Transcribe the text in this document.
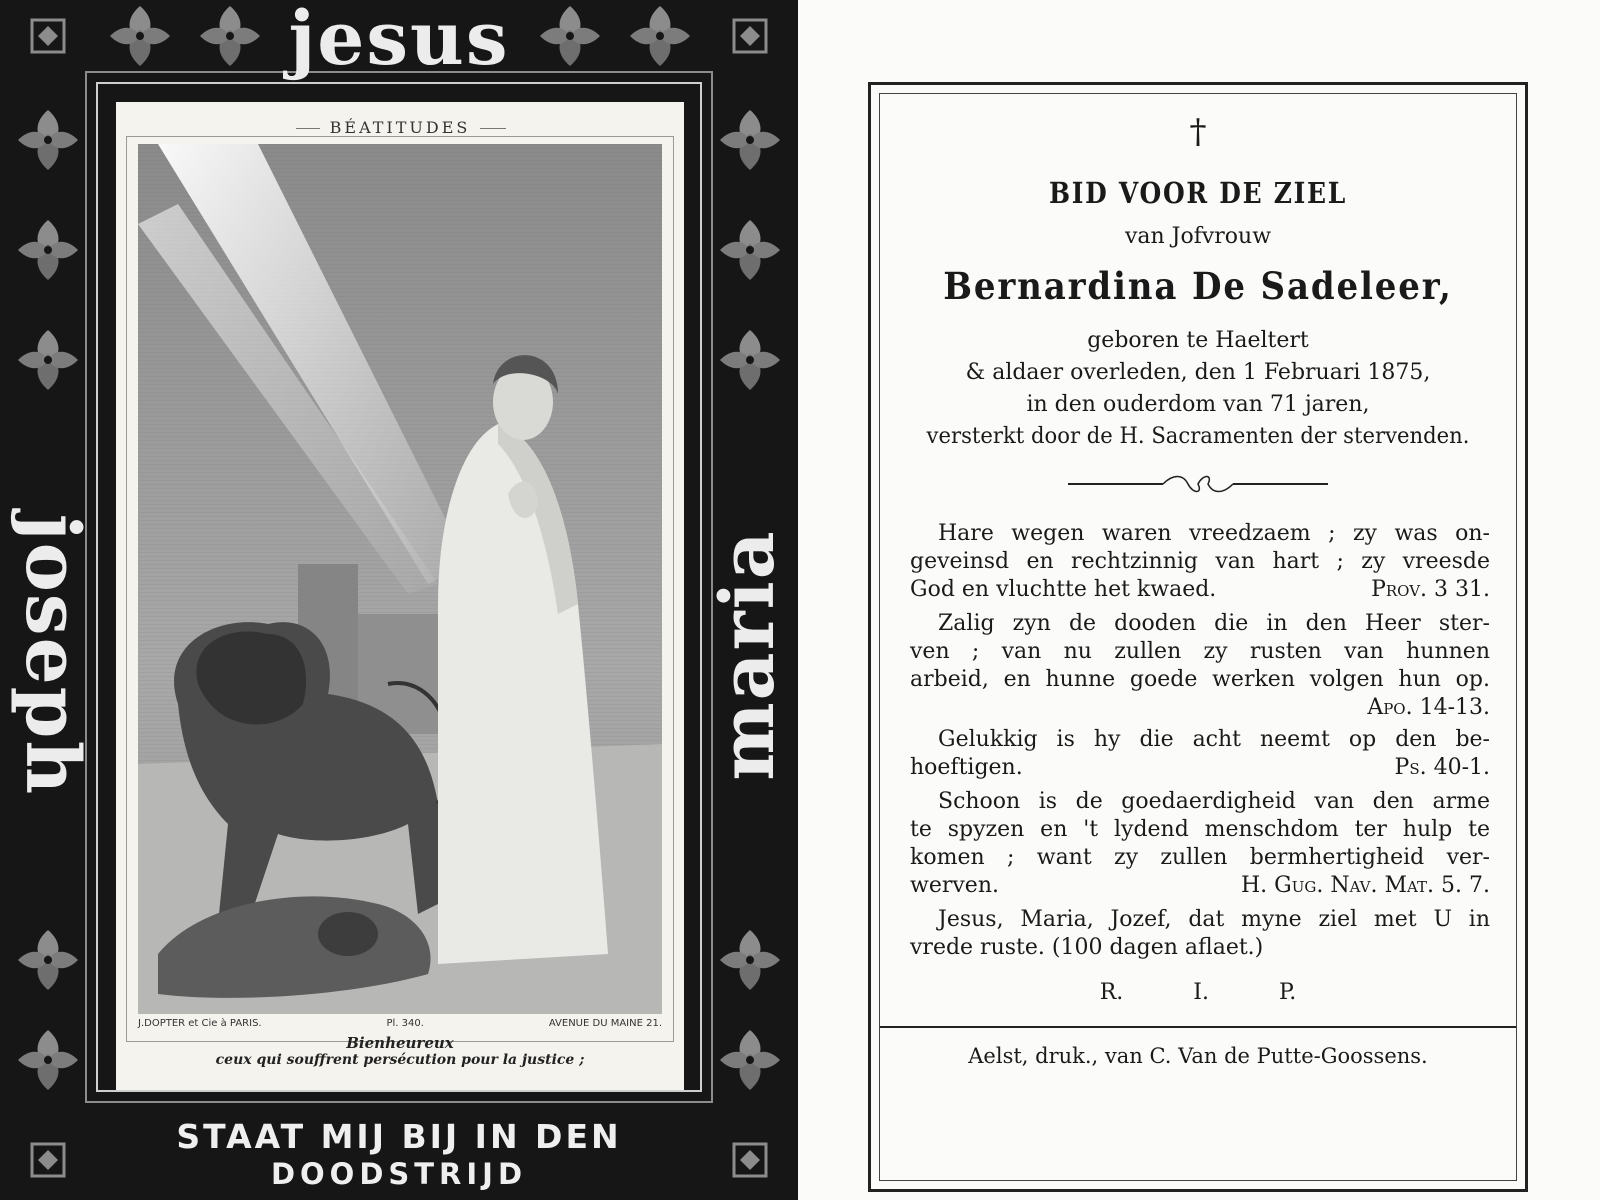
jesus
joseph	maria
BÉATITUDES
J.DOPTER et Cie à PARIS.	Pl. 340.	AVENUE DU MAINE 21.
Bienheureux
ceux qui souffrent persécution pour la justice ;
STAAT MIJ BIJ IN DEN
DOODSTRIJD
†
BID VOOR DE ZIEL
van Jofvrouw
Bernardina De Sadeleer,
geboren te Haeltert
& aldaer overleden, den 1 Februari 1875,
in den ouderdom van 71 jaren,
versterkt door de H. Sacramenten der stervenden.
Hare wegen waren vreedzaem ; zy was on-
geveinsd en rechtzinnig van hart ; zy vreesde
God en vluchtte het kwaed.	Prov. 3 31.
Zalig zyn de dooden die in den Heer ster-
ven ; van nu zullen zy rusten van hunnen
arbeid, en hunne goede werken volgen hun op.
Apo. 14-13.
Gelukkig is hy die acht neemt op den be-
hoeftigen.	Ps. 40-1.
Schoon is de goedaerdigheid van den arme
te spyzen en 't lydend menschdom ter hulp te
komen ; want zy zullen bermhertigheid ver-
werven.	H. Gug. Nav. Mat. 5. 7.
Jesus, Maria, Jozef, dat myne ziel met U in
vrede ruste. (100 dagen aflaet.)
R.	I.	P.
Aelst, druk., van C. Van de Putte-Goossens.
